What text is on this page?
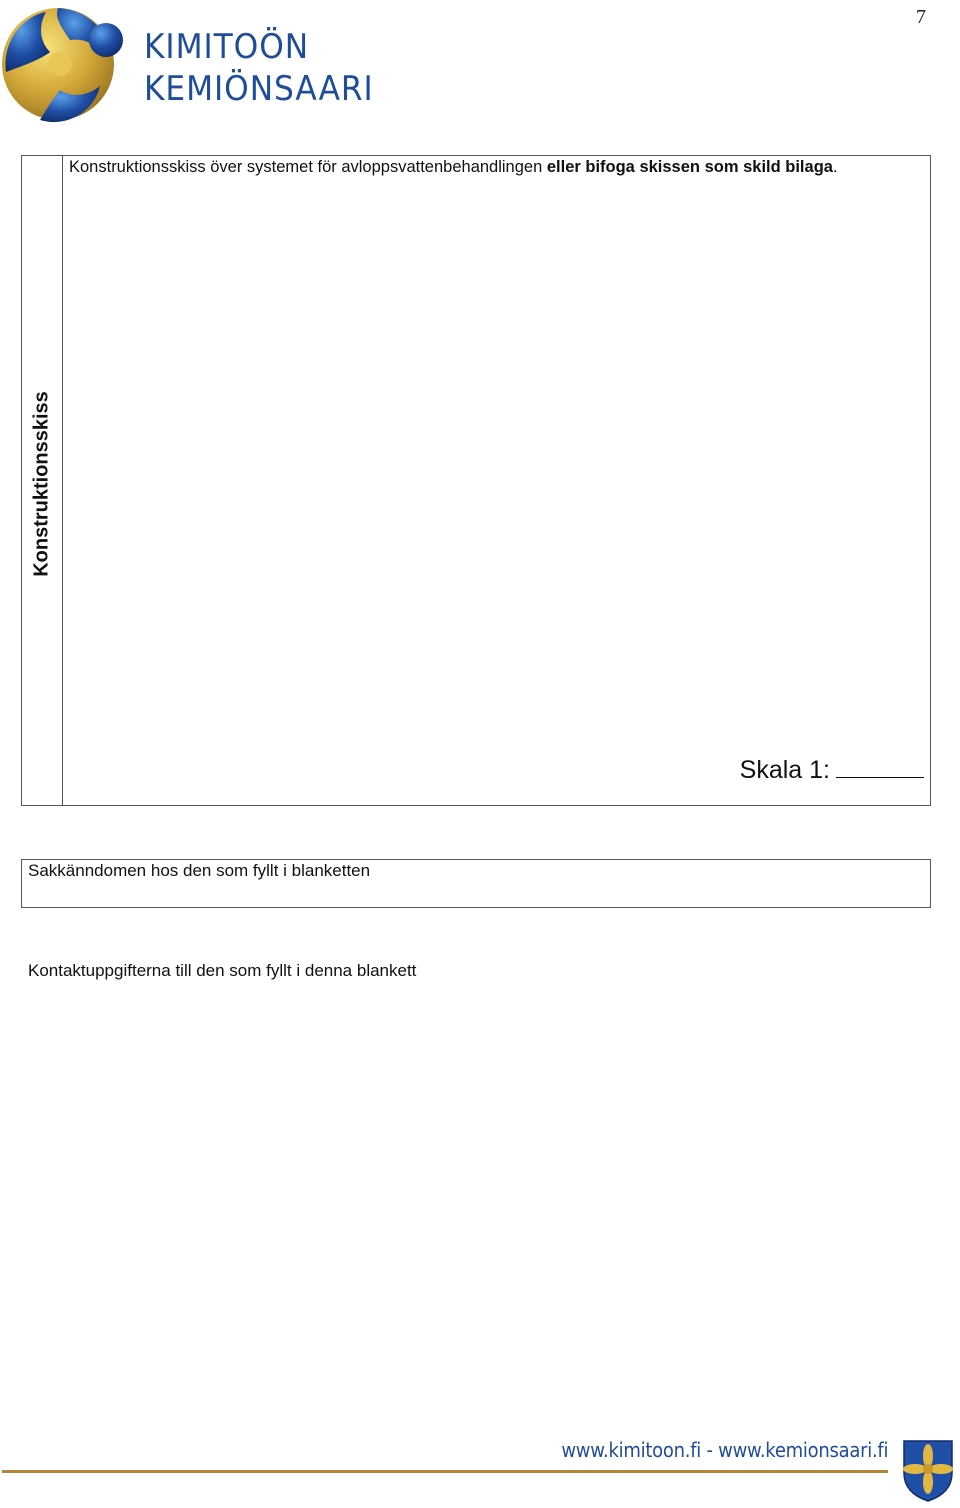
7
KIMITOÖN
KEMIÖNSAARI
Konstruktionsskiss
Konstruktionsskiss över systemet för avloppsvattenbehandlingen eller bifoga skissen som skild bilaga.
Skala 1:
Sakkänndomen hos den som fyllt i blanketten
Kontaktuppgifterna till den som fyllt i denna blankett
www.kimitoon.fi - www.kemionsaari.fi
